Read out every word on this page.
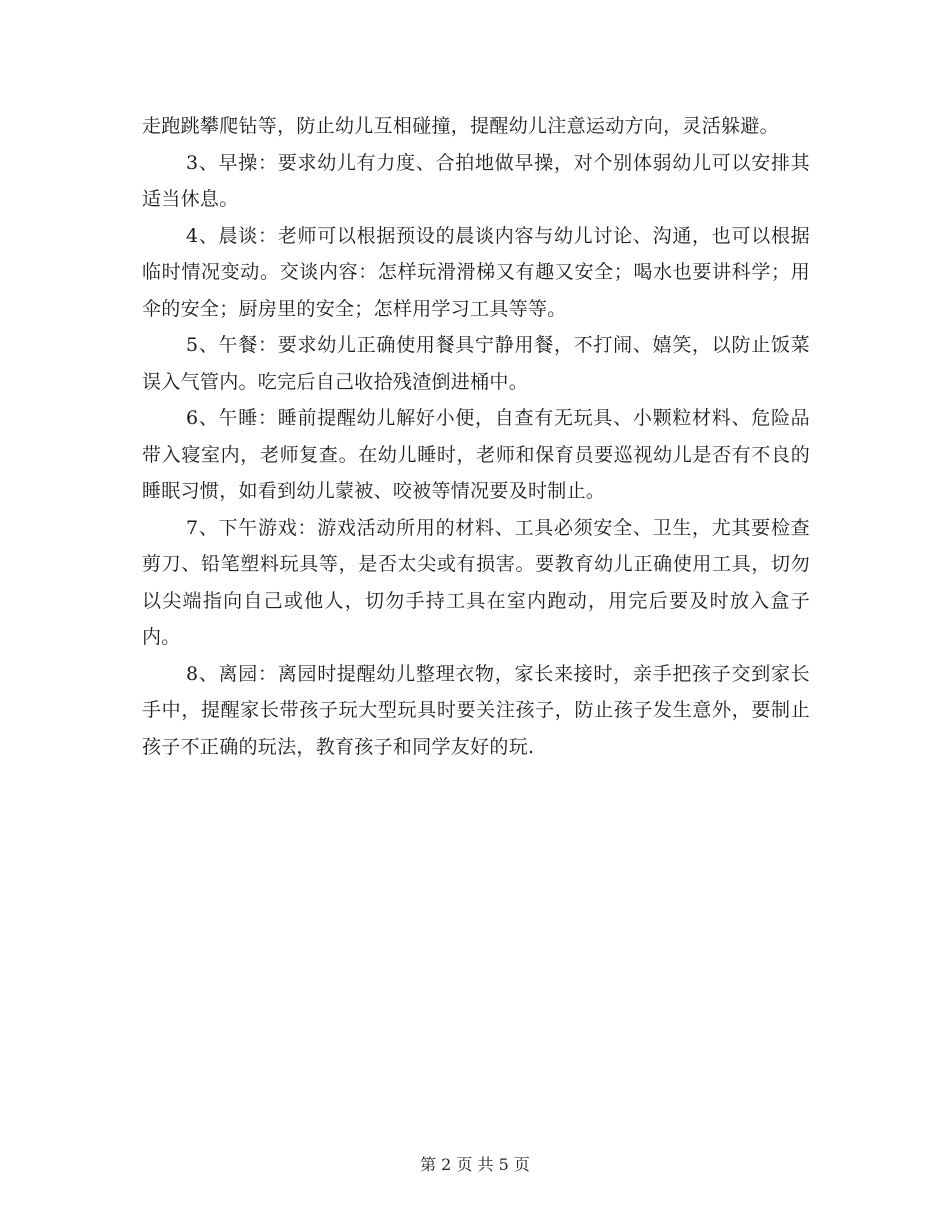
走跑跳攀爬钻等，防止幼儿互相碰撞，提醒幼儿注意运动方向，灵活躲避。

3、早操：要求幼儿有力度、合拍地做早操，对个别体弱幼儿可以安排其适当休息。

4、晨谈：老师可以根据预设的晨谈内容与幼儿讨论、沟通，也可以根据临时情况变动。交谈内容：怎样玩滑滑梯又有趣又安全；喝水也要讲科学；用伞的安全；厨房里的安全；怎样用学习工具等等。

5、午餐：要求幼儿正确使用餐具宁静用餐，不打闹、嬉笑，以防止饭菜误入气管内。吃完后自己收拾残渣倒进桶中。

6、午睡：睡前提醒幼儿解好小便，自查有无玩具、小颗粒材料、危险品带入寝室内，老师复查。在幼儿睡时，老师和保育员要巡视幼儿是否有不良的睡眠习惯，如看到幼儿蒙被、咬被等情况要及时制止。

7、下午游戏：游戏活动所用的材料、工具必须安全、卫生，尤其要检查剪刀、铅笔塑料玩具等，是否太尖或有损害。要教育幼儿正确使用工具，切勿以尖端指向自己或他人，切勿手持工具在室内跑动，用完后要及时放入盒子内。

8、离园：离园时提醒幼儿整理衣物，家长来接时，亲手把孩子交到家长手中，提醒家长带孩子玩大型玩具时要关注孩子，防止孩子发生意外，要制止孩子不正确的玩法，教育孩子和同学友好的玩.

第 2 页 共 5 页
